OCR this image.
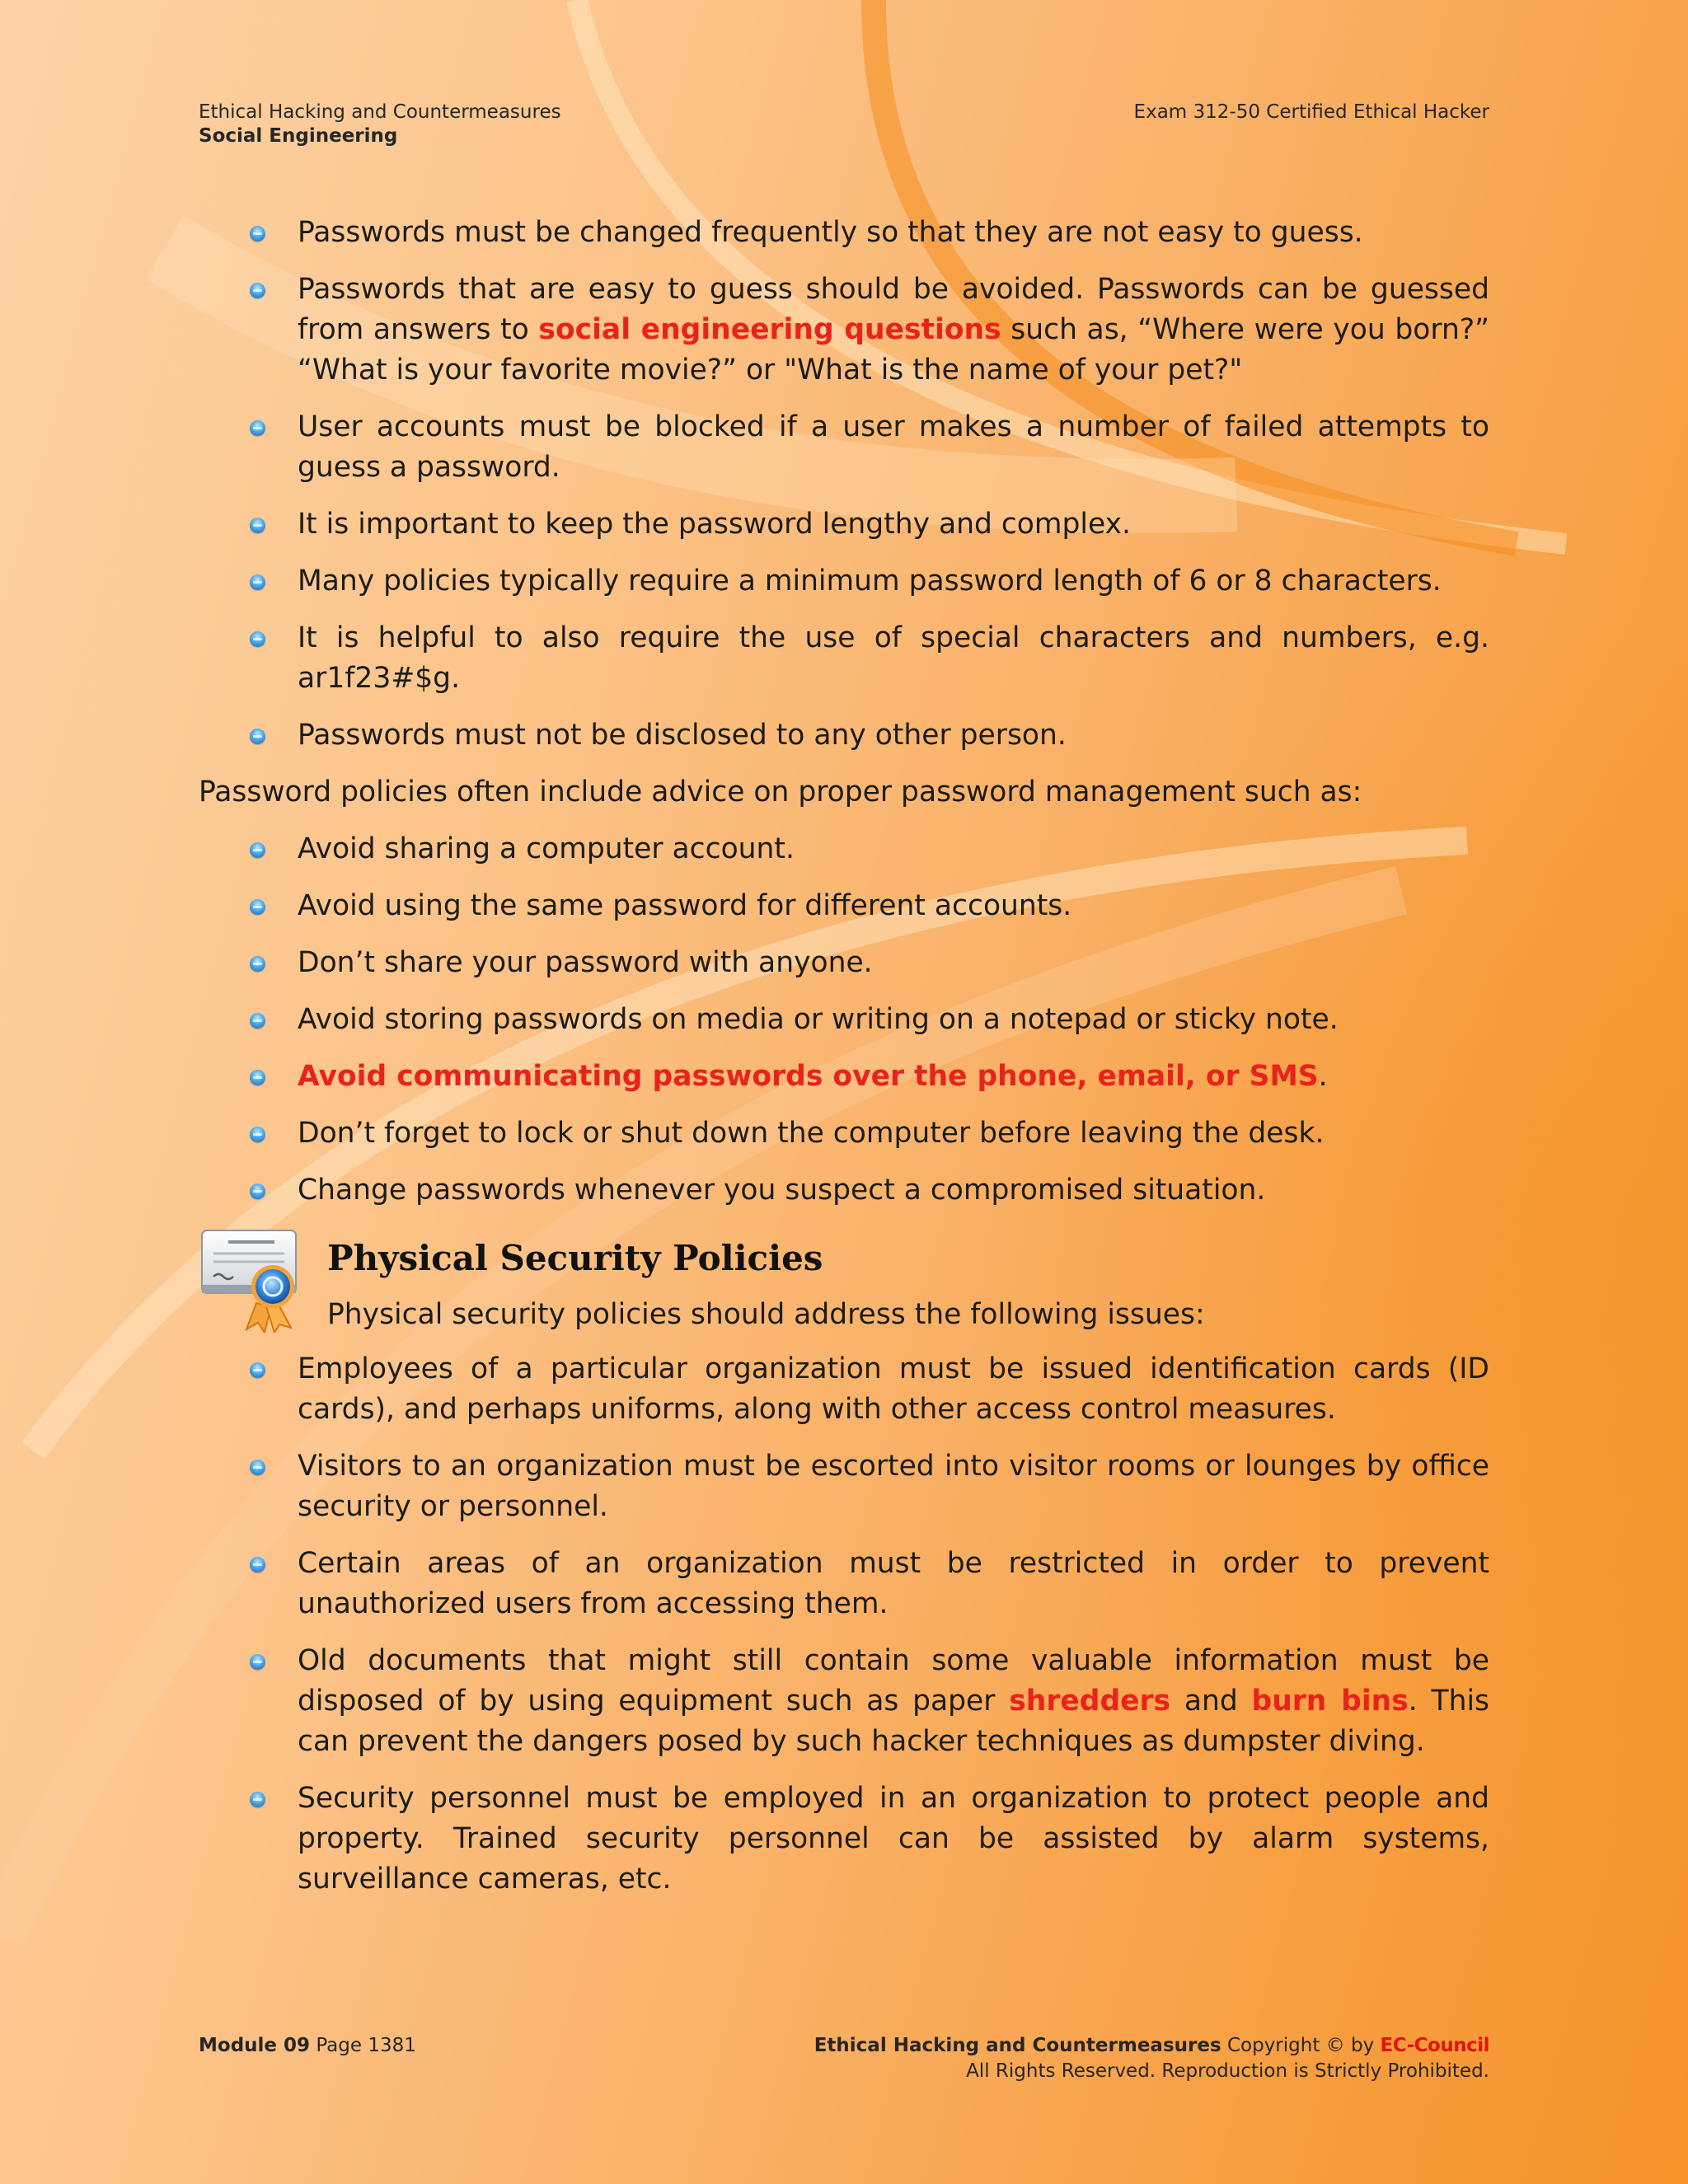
Ethical Hacking and Countermeasures
Social Engineering
Exam 312-50 Certified Ethical Hacker
Passwords must be changed frequently so that they are not easy to guess.
Passwords that are easy to guess should be avoided. Passwords can be guessed from answers to social engineering questions such as, “Where were you born?” “What is your favorite movie?” or "What is the name of your pet?"
User accounts must be blocked if a user makes a number of failed attempts to guess a password.
It is important to keep the password lengthy and complex.
Many policies typically require a minimum password length of 6 or 8 characters.
It is helpful to also require the use of special characters and numbers, e.g. ar1f23#$g.
Passwords must not be disclosed to any other person.

Password policies often include advice on proper password management such as:

Avoid sharing a computer account.
Avoid using the same password for different accounts.
Don’t share your password with anyone.
Avoid storing passwords on media or writing on a notepad or sticky note.
Avoid communicating passwords over the phone, email, or SMS.
Don’t forget to lock or shut down the computer before leaving the desk.
Change passwords whenever you suspect a compromised situation.
Physical Security Policies
Physical security policies should address the following issues:
Employees of a particular organization must be issued identification cards (ID cards), and perhaps uniforms, along with other access control measures.
Visitors to an organization must be escorted into visitor rooms or lounges by office security or personnel.
Certain areas of an organization must be restricted in order to prevent unauthorized users from accessing them.
Old documents that might still contain some valuable information must be disposed of by using equipment such as paper shredders and burn bins. This can prevent the dangers posed by such hacker techniques as dumpster diving.
Security personnel must be employed in an organization to protect people and property. Trained security personnel can be assisted by alarm systems, surveillance cameras, etc.
Module 09 Page 1381	Ethical Hacking and Countermeasures Copyright © by EC-Council
All Rights Reserved. Reproduction is Strictly Prohibited.
